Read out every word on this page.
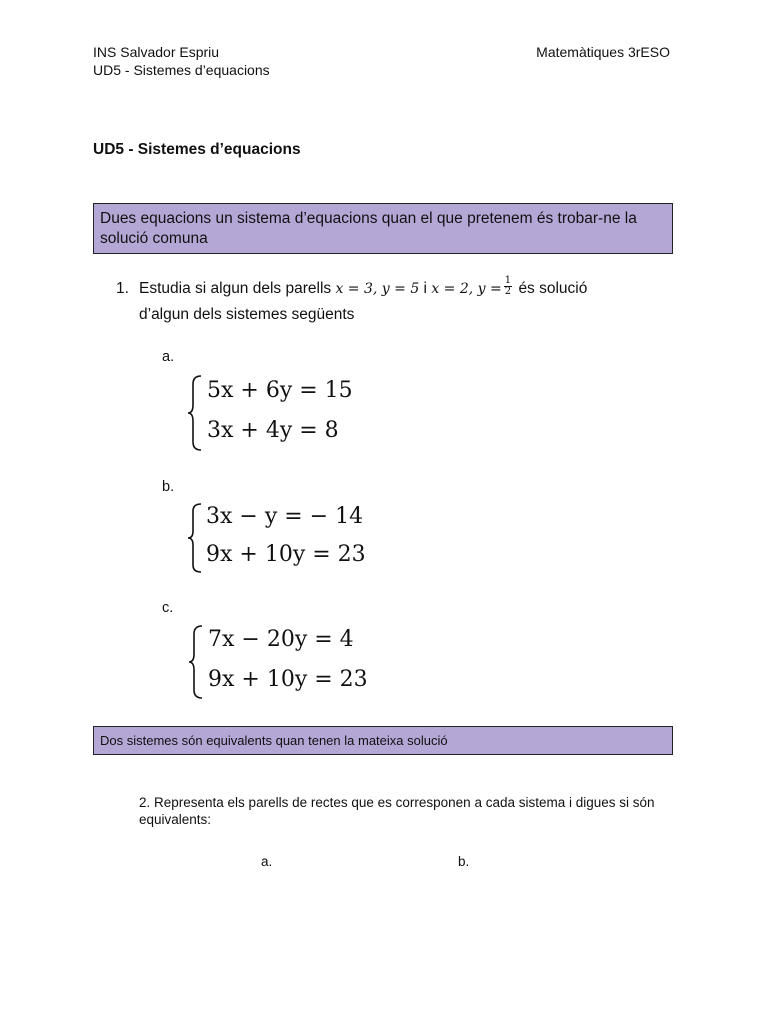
INS Salvador Espriu
UD5 - Sistemes d’equacions
Matemàtiques 3rESO
UD5 - Sistemes d’equacions
Dues equacions un sistema d’equacions quan el que pretenem és trobar-ne la solució comuna
1. Estudia si algun dels parells x = 3, y = 5 i x = 2, $y = \frac{1}{2}$ és solució
d’algun dels sistemes següents
a.
5x + 6y = 15
3x + 4y = 8
b.
3x − y = − 14
9x + 10y = 23
c.
7x − 20y = 4
9x + 10y = 23
Dos sistemes són equivalents quan tenen la mateixa solució
2. Representa els parells de rectes que es corresponen a cada sistema i digues si són equivalents:
a.	b.
